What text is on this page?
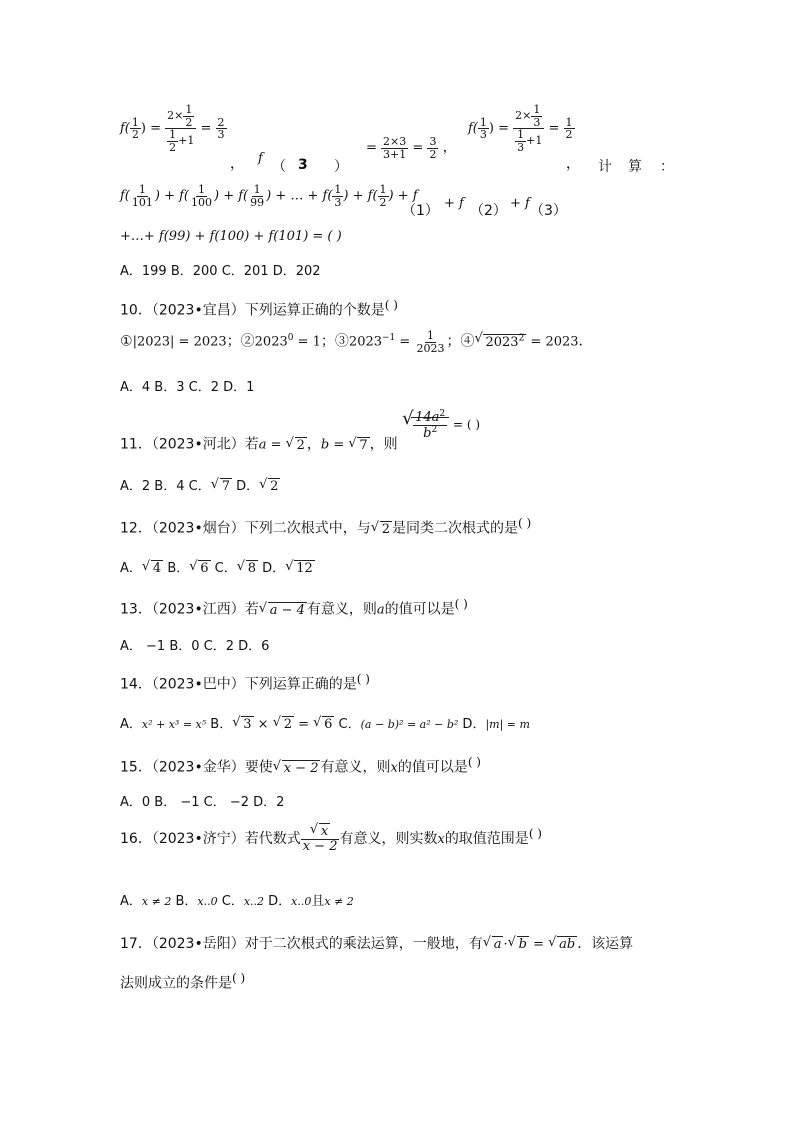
$f( \frac{1}{2}$ ) = $\frac{2\times \frac{1}{2}}{\frac{1}{2} +1} = \frac{2}{3}$
， f
（ 3 ）
= $\frac{2\times 3}{3+1} = \frac{3}{2}$ ，
$f( \frac{1}{3}$ ) = $\frac{2\times \frac{1}{3}}{\frac{1}{3} +1} = \frac{1}{2}$
， 计 算 ：
$f( \frac{1}{101}$ ) + $f( \frac{1}{100}$ ) + $f( \frac{1}{99}$ ) + … + $f( \frac{1}{3}$ ) + $f( \frac{1}{2}$ ) + f
（1） + f （2） + f （3）
+…+ f(99) + f(100) + f(101) = ( )
A．199 B．200 C．201 D．202
10．（2023•宜昌）下列运算正确的个数是( )
①|2023| = 2023；$②2023^0 = 1$；$③2023^{-1} = \frac{1}{2023}$ ；④ √ $2023^2 = 2023$．
A．4 B．3 C．2 D．1
11．（2023•河北）若a = √ 2 ，b = √ 7 ，则
√ $\frac{14a^2}{b^2}$ = ( )
A．2 B．4 C． √ 7 D． √ 2
12．（2023•烟台）下列二次根式中，与 √ 2 是同类二次根式的是( )
A． √ 4 B． √ 6 C． √ 8 D． √ 12
13．（2023•江西）若 √ a − 4 有意义，则a的值可以是( )
A． −1 B．0 C．2 D．6
14．（2023•巴中）下列运算正确的是( )
A．x² + x³ = x⁵ B． √ 3 × √ 2 = √ 6 C．(a − b)² = a² − b² D．|m| = m
15．（2023•金华）要使 √ x − 2 有意义，则x的值可以是( )
A．0 B． −1 C． −2 D．2
16．（2023•济宁）若代数式 √ $\frac{x}{x - 2}$ 有意义，则实数x的取值范围是( )
A．x ≠ 2 B．x..0 C．x..2 D．x..0且x ≠ 2
17．（2023•岳阳）对于二次根式的乘法运算，一般地，有 √ a · √ b = √ ab ．该运算
法则成立的条件是( )
